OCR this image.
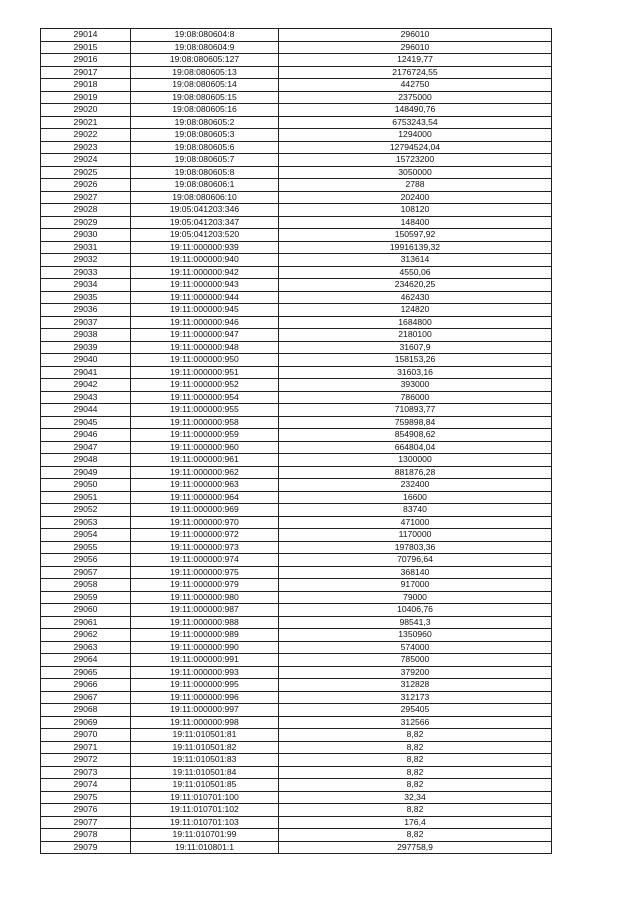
29014	19:08:080604:8	296010
29015	19:08:080604:9	296010
29016	19:08:080605:127	12419,77
29017	19:08:080605:13	2176724,55
29018	19:08:080605:14	442750
29019	19:08:080605:15	2375000
29020	19:08:080605:16	148490,76
29021	19:08:080605:2	6753243,54
29022	19:08:080605:3	1294000
29023	19:08:080605:6	12794524,04
29024	19:08:080605:7	15723200
29025	19:08:080605:8	3050000
29026	19:08:080606:1	2788
29027	19:08:080606:10	202400
29028	19:05:041203:346	108120
29029	19:05:041203:347	148400
29030	19:05:041203:520	150597,92
29031	19:11:000000:939	19916139,32
29032	19:11:000000:940	313614
29033	19:11:000000:942	4550,06
29034	19:11:000000:943	234620,25
29035	19:11:000000:944	462430
29036	19:11:000000:945	124820
29037	19:11:000000:946	1684800
29038	19:11:000000:947	2180100
29039	19:11:000000:948	31607,9
29040	19:11:000000:950	158153,26
29041	19:11:000000:951	31603,16
29042	19:11:000000:952	393000
29043	19:11:000000:954	786000
29044	19:11:000000:955	710893,77
29045	19:11:000000:958	759898,84
29046	19:11:000000:959	854908,62
29047	19:11:000000:960	664804,04
29048	19:11:000000:961	1300000
29049	19:11:000000:962	881876,28
29050	19:11:000000:963	232400
29051	19:11:000000:964	16600
29052	19:11:000000:969	83740
29053	19:11:000000:970	471000
29054	19:11:000000:972	1170000
29055	19:11:000000:973	197803,36
29056	19:11:000000:974	70796,64
29057	19:11:000000:975	368140
29058	19:11:000000:979	917000
29059	19:11:000000:980	79000
29060	19:11:000000:987	10406,76
29061	19:11:000000:988	98541,3
29062	19:11:000000:989	1350960
29063	19:11:000000:990	574000
29064	19:11:000000:991	785000
29065	19:11:000000:993	379200
29066	19:11:000000:995	312828
29067	19:11:000000:996	312173
29068	19:11:000000:997	295405
29069	19:11:000000:998	312566
29070	19:11:010501:81	8,82
29071	19:11:010501:82	8,82
29072	19:11:010501:83	8,82
29073	19:11:010501:84	8,82
29074	19:11:010501:85	8,82
29075	19:11:010701:100	32,34
29076	19:11:010701:102	8,82
29077	19:11:010701:103	176,4
29078	19:11:010701:99	8,82
29079	19:11:010801:1	297758,9
